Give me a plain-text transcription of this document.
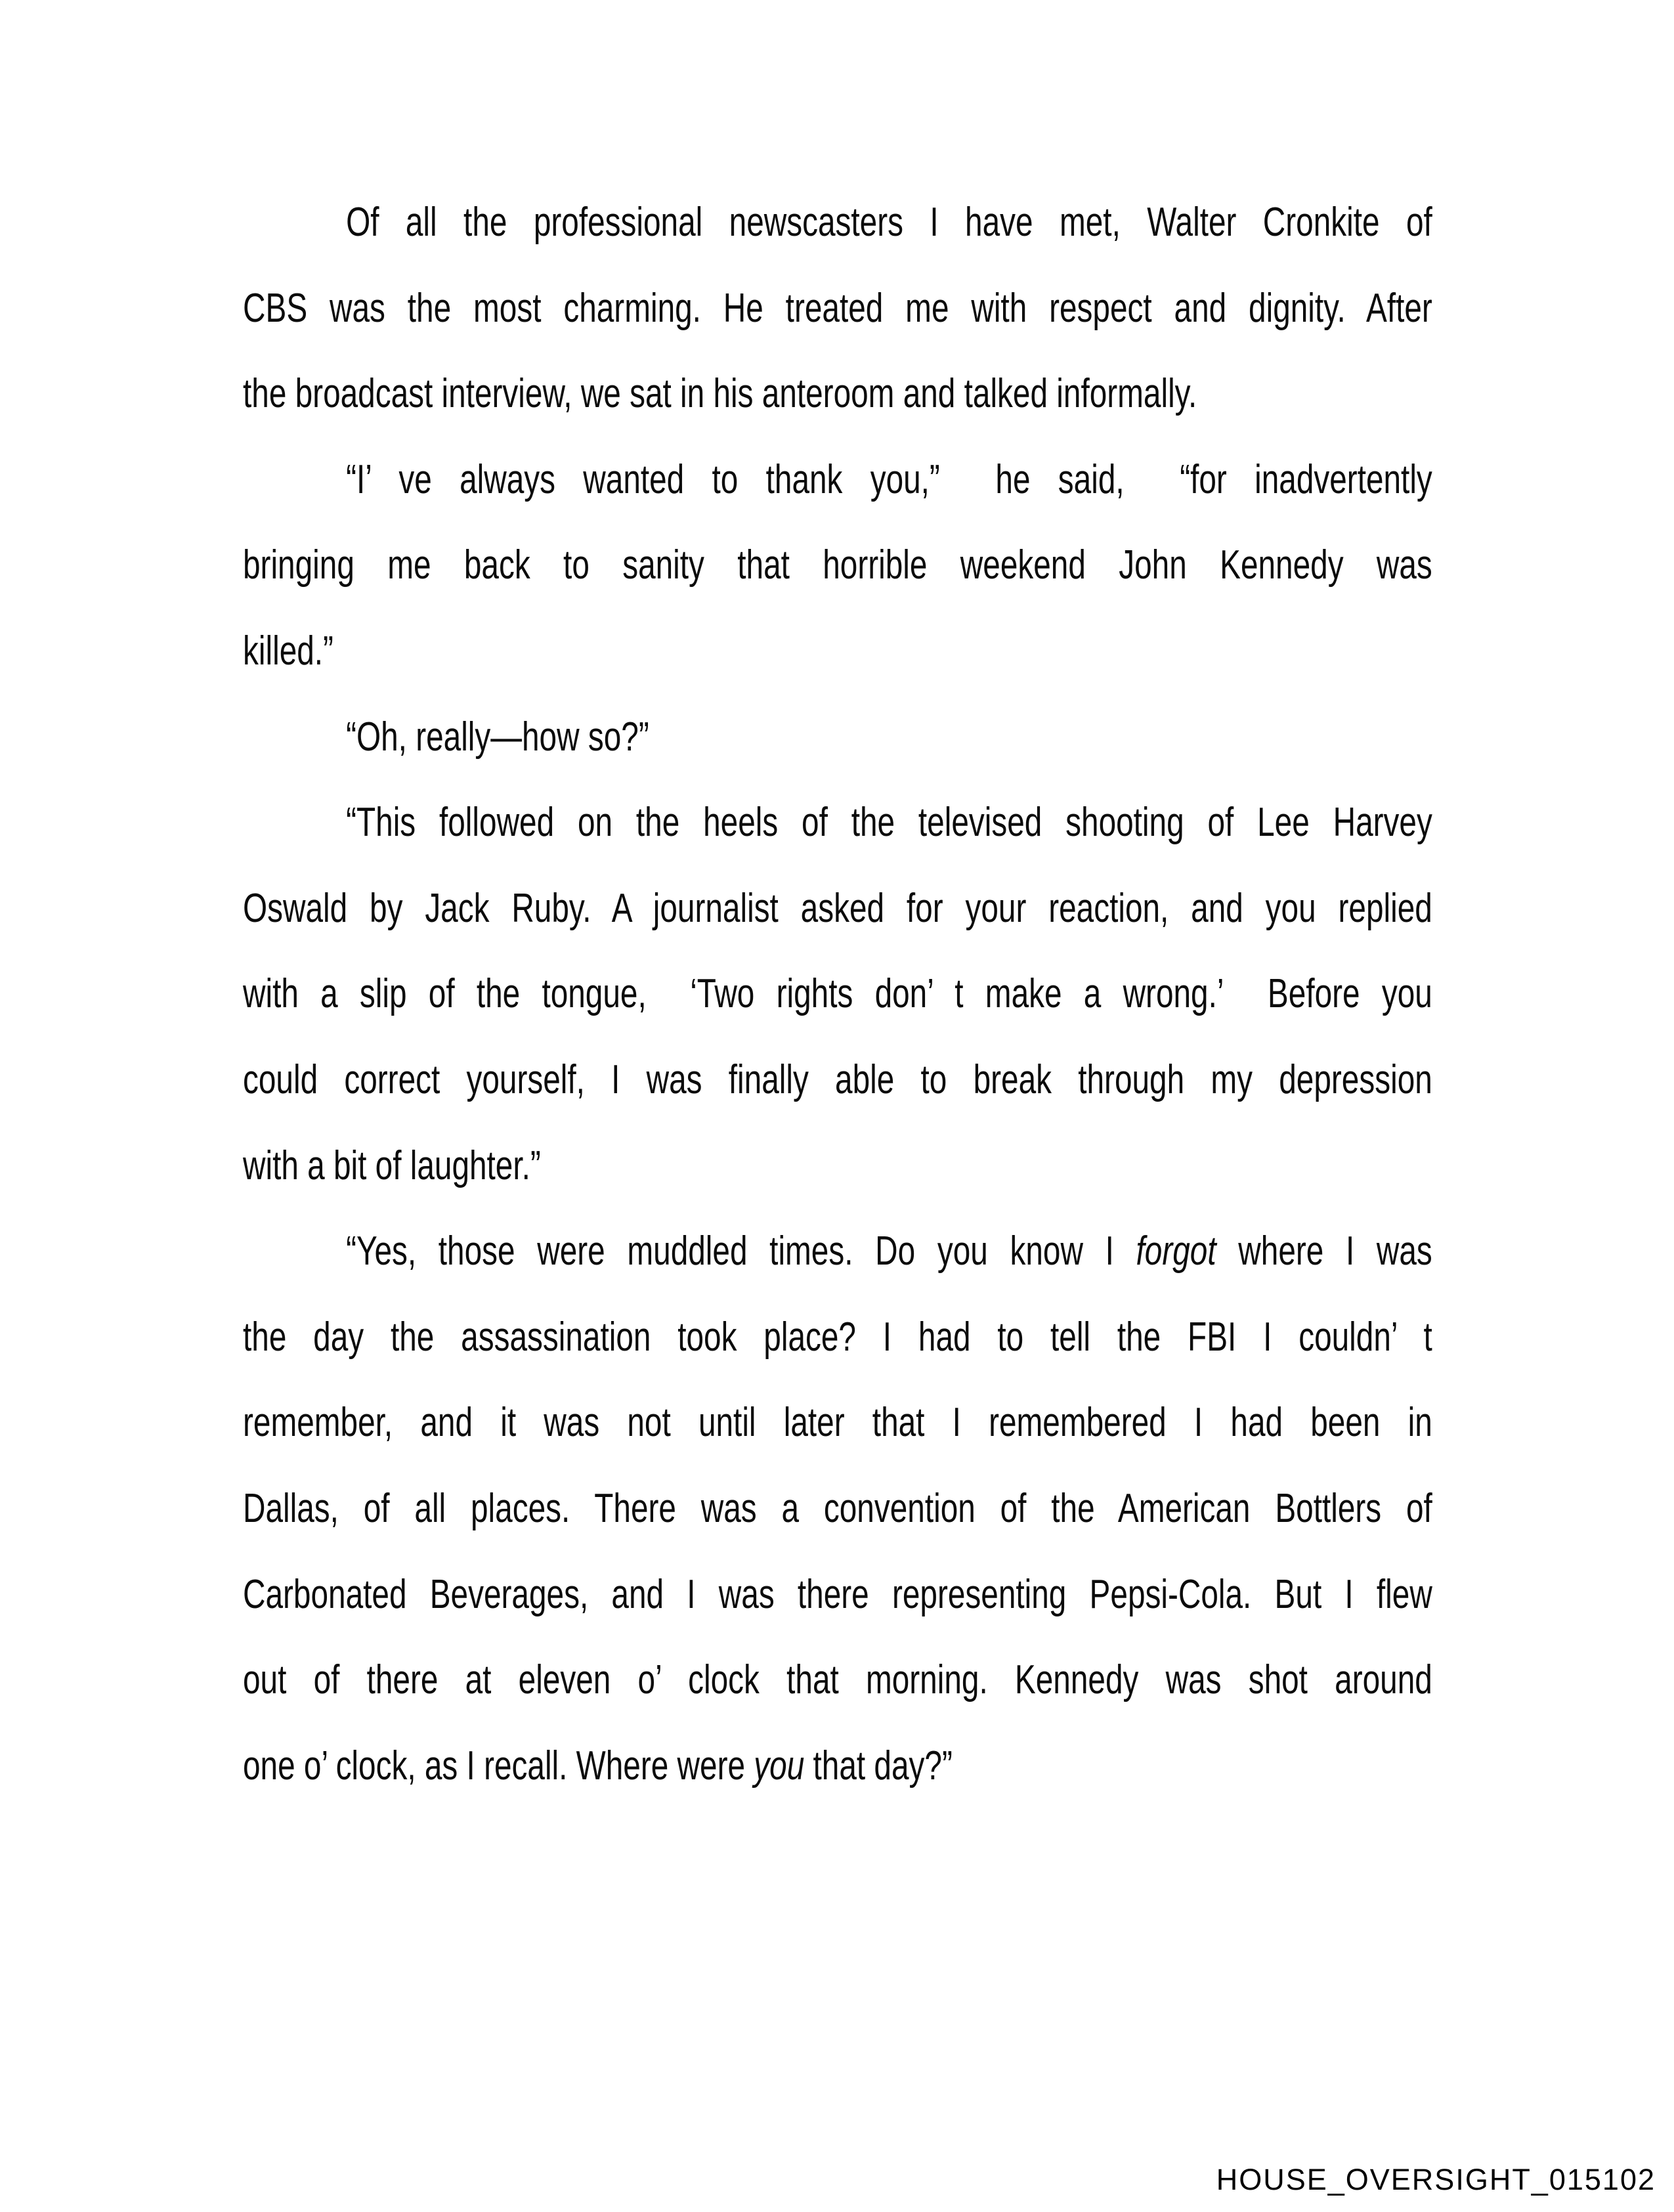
Of all the professional newscasters I have met, Walter Cronkite of
CBS was the most charming. He treated me with respect and dignity. After
the broadcast interview, we sat in his anteroom and talked informally.
“I’ ve always wanted to thank you,”  he said,  “for inadvertently
bringing me back to sanity that horrible weekend John Kennedy was
killed.”
“Oh, really—how so?”
“This followed on the heels of the televised shooting of Lee Harvey
Oswald by Jack Ruby. A journalist asked for your reaction, and you replied
with a slip of the tongue,  ‘Two rights don’ t make a wrong.’  Before you
could correct yourself, I was finally able to break through my depression
with a bit of laughter.”
“Yes, those were muddled times. Do you know I forgot where I was
the day the assassination took place? I had to tell the FBI I couldn’ t
remember, and it was not until later that I remembered I had been in
Dallas, of all places. There was a convention of the American Bottlers of
Carbonated Beverages, and I was there representing Pepsi-Cola. But I flew
out of there at eleven o’ clock that morning. Kennedy was shot around
one o’ clock, as I recall. Where were you that day?”
HOUSE_OVERSIGHT_015102
